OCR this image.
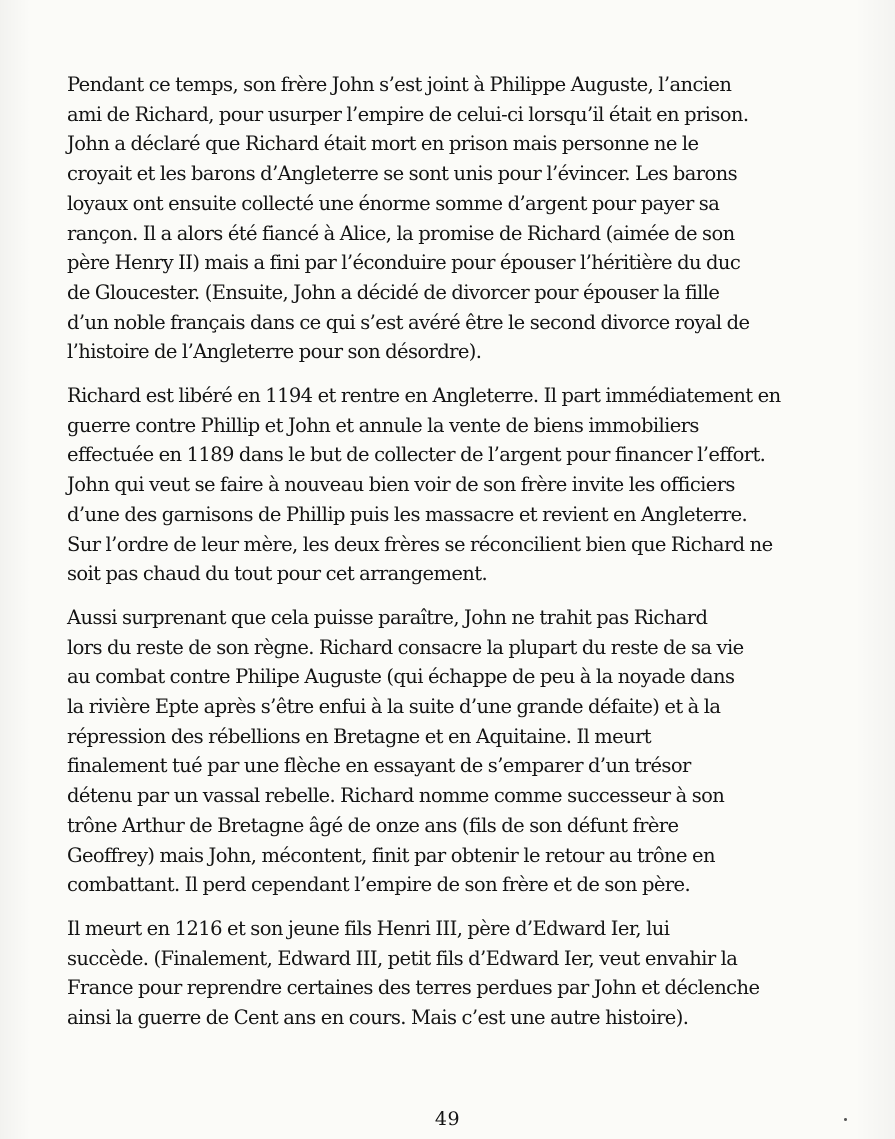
Pendant ce temps, son frère John s’est joint à Philippe Auguste, l’ancien
ami de Richard, pour usurper l’empire de celui-ci lorsqu’il était en prison.
John a déclaré que Richard était mort en prison mais personne ne le
croyait et les barons d’Angleterre se sont unis pour l’évincer. Les barons
loyaux ont ensuite collecté une énorme somme d’argent pour payer sa
rançon. Il a alors été fiancé à Alice, la promise de Richard (aimée de son
père Henry II) mais a fini par l’éconduire pour épouser l’héritière du duc
de Gloucester. (Ensuite, John a décidé de divorcer pour épouser la fille
d’un noble français dans ce qui s’est avéré être le second divorce royal de
l’histoire de l’Angleterre pour son désordre).

Richard est libéré en 1194 et rentre en Angleterre. Il part immédiatement en
guerre contre Phillip et John et annule la vente de biens immobiliers
effectuée en 1189 dans le but de collecter de l’argent pour financer l’effort.
John qui veut se faire à nouveau bien voir de son frère invite les officiers
d’une des garnisons de Phillip puis les massacre et revient en Angleterre.
Sur l’ordre de leur mère, les deux frères se réconcilient bien que Richard ne
soit pas chaud du tout pour cet arrangement.

Aussi surprenant que cela puisse paraître, John ne trahit pas Richard
lors du reste de son règne. Richard consacre la plupart du reste de sa vie
au combat contre Philipe Auguste (qui échappe de peu à la noyade dans
la rivière Epte après s’être enfui à la suite d’une grande défaite) et à la
répression des rébellions en Bretagne et en Aquitaine. Il meurt
finalement tué par une flèche en essayant de s’emparer d’un trésor
détenu par un vassal rebelle. Richard nomme comme successeur à son
trône Arthur de Bretagne âgé de onze ans (fils de son défunt frère
Geoffrey) mais John, mécontent, finit par obtenir le retour au trône en
combattant. Il perd cependant l’empire de son frère et de son père.

Il meurt en 1216 et son jeune fils Henri III, père d’Edward Ier, lui
succède. (Finalement, Edward III, petit fils d’Edward Ier, veut envahir la
France pour reprendre certaines des terres perdues par John et déclenche
ainsi la guerre de Cent ans en cours. Mais c’est une autre histoire).

49
